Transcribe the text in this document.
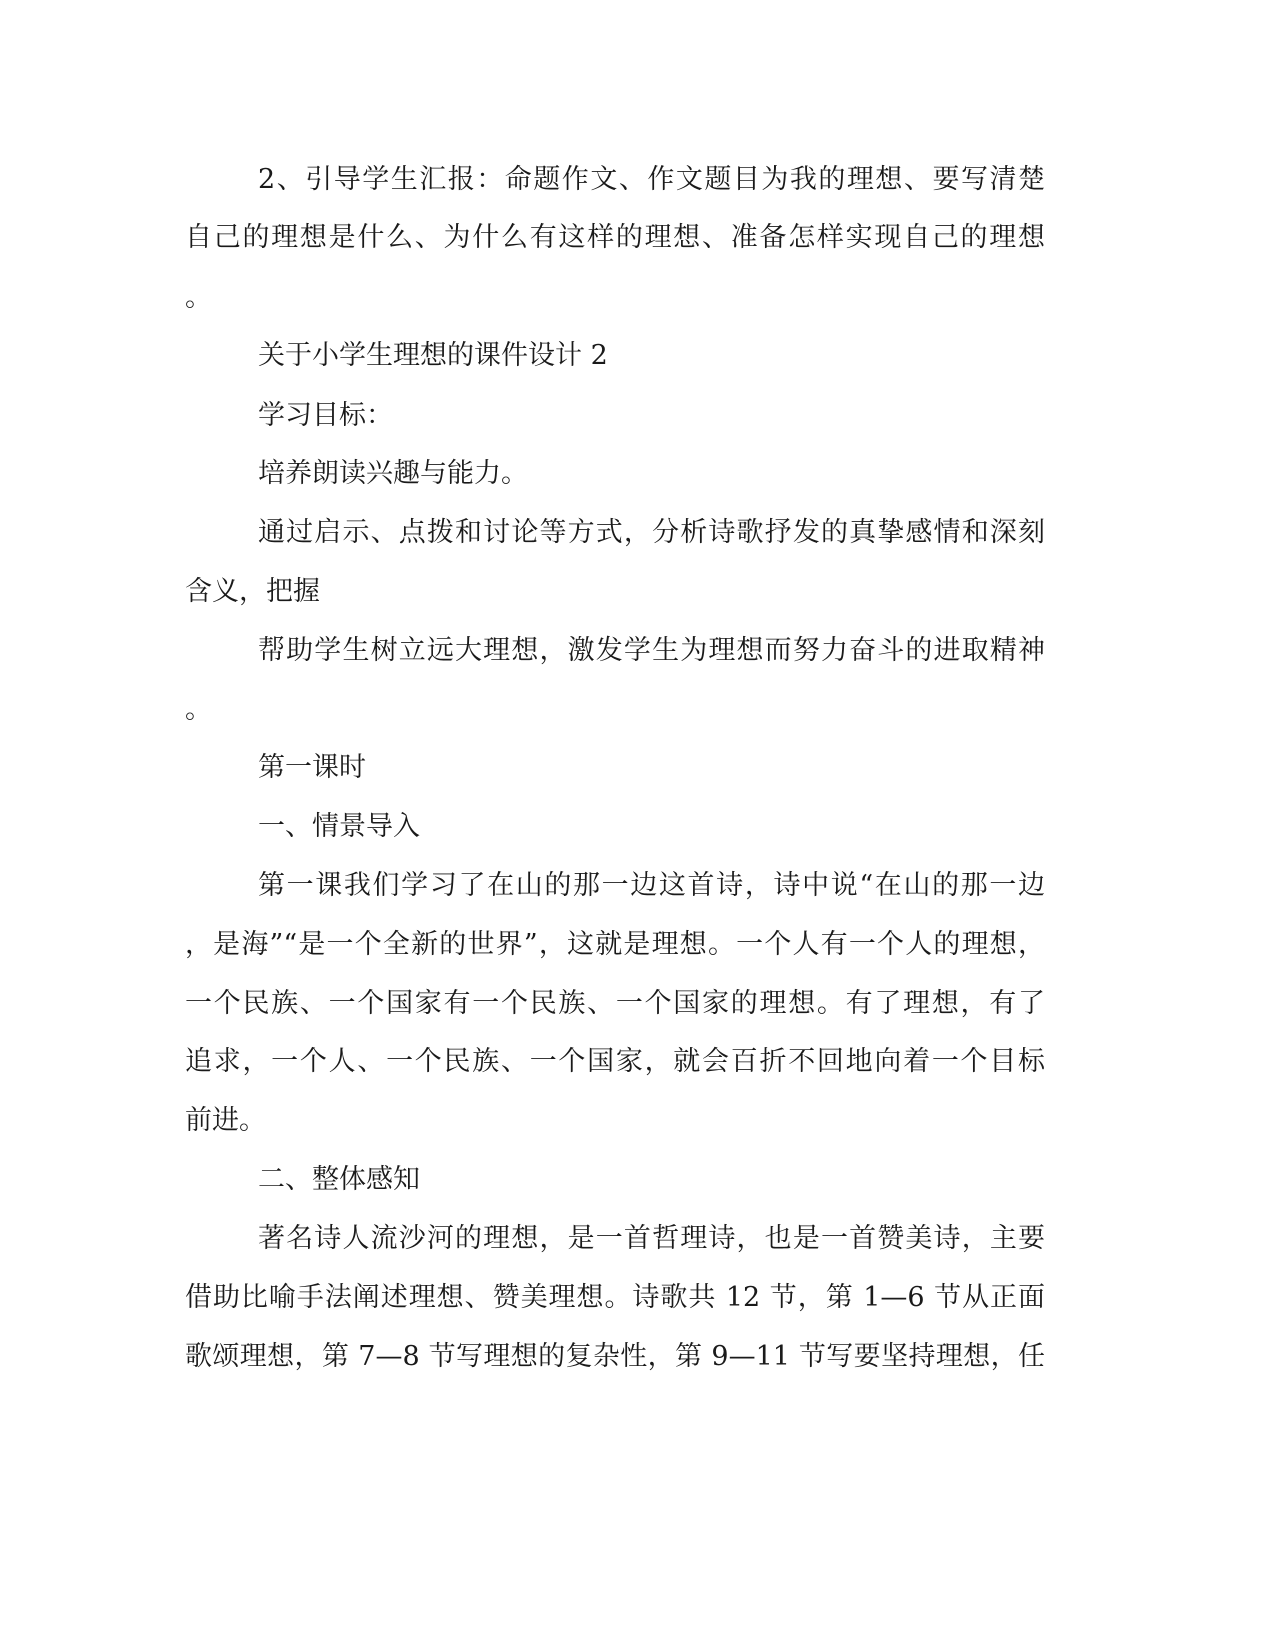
2、引导学生汇报：命题作文、作文题目为我的理想、要写清楚
自己的理想是什么、为什么有这样的理想、准备怎样实现自己的理想
。
关于小学生理想的课件设计 2
学习目标：
培养朗读兴趣与能力。
通过启示、点拨和讨论等方式，分析诗歌抒发的真挚感情和深刻
含义，把握
帮助学生树立远大理想，激发学生为理想而努力奋斗的进取精神
。
第一课时
一、情景导入
第一课我们学习了在山的那一边这首诗，诗中说“在山的那一边
，是海”“是一个全新的世界”，这就是理想。一个人有一个人的理想，
一个民族、一个国家有一个民族、一个国家的理想。有了理想，有了
追求，一个人、一个民族、一个国家，就会百折不回地向着一个目标
前进。
二、整体感知
著名诗人流沙河的理想，是一首哲理诗，也是一首赞美诗，主要
借助比喻手法阐述理想、赞美理想。诗歌共 12 节，第 1—6 节从正面
歌颂理想，第 7—8 节写理想的复杂性，第 9—11 节写要坚持理想，任
